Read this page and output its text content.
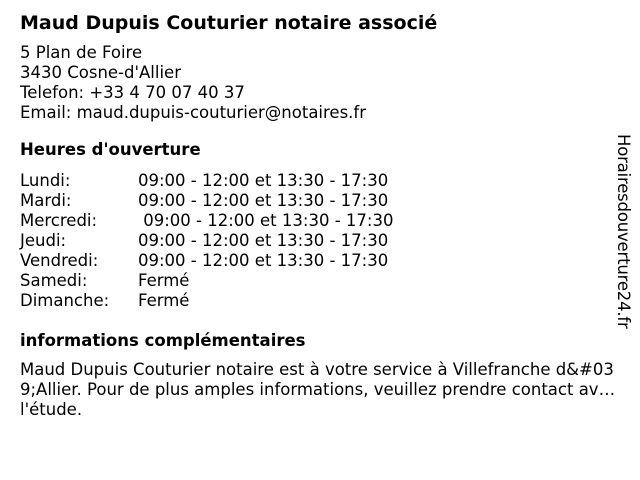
Maud Dupuis Couturier notaire associé
5 Plan de Foire
3430 Cosne-d'Allier
Telefon: +33 4 70 07 40 37
Email: maud.dupuis-couturier@notaires.fr
Heures d'ouverture
Lundi:	09:00 - 12:00 et 13:30 - 17:30
Mardi:	09:00 - 12:00 et 13:30 - 17:30
Mercredi:	09:00 - 12:00 et 13:30 - 17:30
Jeudi:	09:00 - 12:00 et 13:30 - 17:30
Vendredi:	09:00 - 12:00 et 13:30 - 17:30
Samedi:	Fermé
Dimanche:	Fermé
informations complémentaires
Maud Dupuis Couturier notaire est à votre service à Villefranche d&#039;Allier. Pour de plus amples informations, veuillez prendre contact avec l'étude.
Horairesdouverture24.fr
